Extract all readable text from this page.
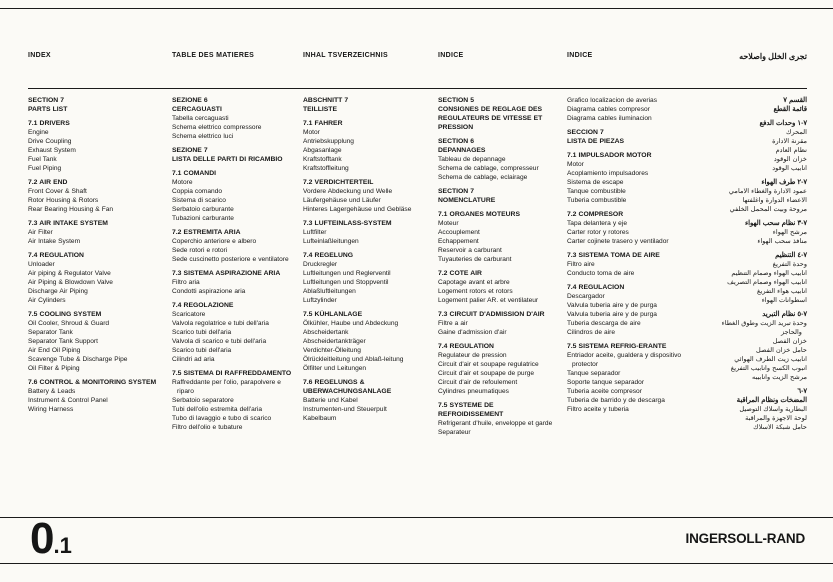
INDEX	TABLE DES MATIERES	INHAL TSVERZEICHNIS	INDICE	INDICE	تجرى الخلل واصلاحه
SECTION 7
PARTS LIST
7.1 DRIVERS
Engine
Drive Coupling
Exhaust System
Fuel Tank
Fuel Piping
7.2 AIR END
Front Cover & Shaft
Rotor Housing & Rotors
Rear Bearing Housing & Fan
7.3 AIR INTAKE SYSTEM
Air Filter
Air Intake System
7.4 REGULATION
Unloader
Air piping & Regulator Valve
Air Piping & Blowdown Valve
Discharge Air Piping
Air Cylinders
7.5 COOLING SYSTEM
Oil Cooler, Shroud & Guard
Separator Tank
Separator Tank Support
Air End Oil Piping
Scavenge Tube & Discharge Pipe
Oil Filter & Piping
7.6 CONTROL & MONITORING SYSTEM
Battery & Leads
Instrument & Control Panel
Wiring Harness
SEZIONE 6
CERCAGUASTI
Tabella cercaguasti
Schema elettrico compressore
Schema elettrico luci
SEZIONE 7
LISTA DELLE PARTI DI RICAMBIO
7.1 COMANDI
Motore
Coppia comando
Sistema di scarico
Serbatoio carburante
Tubazioni carburante
7.2 ESTREMITA ARIA
Coperchio anteriore e albero
Sede rotori e rotori
Sede cuscinetto posteriore e ventilatore
7.3 SISTEMA ASPIRAZIONE ARIA
Filtro aria
Condotti aspirazione aria
7.4 REGOLAZIONE
Scaricatore
Valvola regolatrice e tubi dell'aria
Scarico tubi dell'aria
Valvola di scarico e tubi dell'aria
Scarico tubi dell'aria
Cilindri ad aria
7.5 SISTEMA DI RAFFREDDAMENTO
Raffreddante per l'olio, parapolvere e riparo
Serbatoio separatore
Tubi dell'olio estremita dell'aria
Tubo di lavaggio e tubo di scarico
Filtro dell'olio e tubature
ABSCHNITT 7
TEILLISTE
7.1 FAHRER
Motor
Antriebskupplung
Abgasanlage
Kraftstofftank
Kraftstoffleitung
7.2 VERDICHTERTEIL
Vordere Abdeckung und Welle
Läufergehäuse und Läufer
Hinteres Lagergehäuse und Gebläse
7.3 LUFTEINLASS-SYSTEM
Luftfilter
Lufteinlaßleitungen
7.4 REGELUNG
Druckregler
Luftleitungen und Reglerventil
Luftleitungen und Stoppventil
Ablaßluftleitungen
Luftzylinder
7.5 KÜHLANLAGE
Ölkühler, Haube und Abdeckung
Abscheidertank
Abscheidertankträger
Verdichter-Ölleitung
Ölrückleitleitung und Ablaß-leitung
Ölfilter und Leitungen
7.6 REGELUNGS & UBERWACHUNGSANLAGE
Batterie und Kabel
Instrumenten-und Steuerpult
Kabelbaum
SECTION 5
CONSIGNES DE REGLAGE DES REGULATEURS DE VITESSE ET PRESSION
SECTION 6
DEPANNAGES
Tableau de depannage
Schema de cablage, compresseur
Schema de cablage, eclairage
SECTION 7
NOMENCLATURE
7.1 ORGANES MOTEURS
Moteur
Accouplement
Echappement
Reservoir a carburant
Tuyauteries de carburant
7.2 COTE AIR
Capotage avant et arbre
Logement rotors et rotors
Logement palier AR. et ventilateur
7.3 CIRCUIT D'ADMISSION D'AIR
Filtre a air
Gaine d'admission d'air
7.4 REGULATION
Regulateur de pression
Circuit d'air et soupape regulatrice
Circuit d'air et soupape de purge
Circuit d'air de refoulement
Cylindres pneumatiques
7.5 SYSTEME DE REFROIDISSEMENT
Refrigerant d'huile, enveloppe et garde
Separateur
Grafico localizacion de averias
Diagrama cables compresor
Diagrama cables iluminacion
SECCION 7
LISTA DE PIEZAS
7.1 IMPULSADOR MOTOR
Motor
Acoplamiento impulsadores
Sistema de escape
Tanque combustible
Tuberia combustible
7.2 COMPRESOR
Tapa delantera y eje
Carter rotor y rotores
Carter cojinete trasero y ventilador
7.3 SISTEMA TOMA DE AIRE
Filtro aire
Conducto toma de aire
7.4 REGULACION
Descargador
Valvula tuberia aire y de purga
Valvula tuberia aire y de purga
Tuberia descarga de aire
Cilindros de aire
7.5 SISTEMA REFRIG-ERANTE
Entriador aceite, gualdera y dispositivo protector
Tanque separador
Soporte tanque separador
Tuberia aceite compresor
Tuberia de barrido y de descarga
Filtro aceite y tuberia
القسم ٧
قائمة القطع
٧-١ وحدات الدفع
المحرك
مقرنة الادارة
نظام العادم
خزان الوقود
انابيب الوقود
٧-٢ طرف الهواء
عمود الادارة والغطاء الامامي
الاعضاء الدوارة واغلفتها
مروحة وبيت المحمل الخلفي
٧-٣ نظام سحب الهواء
مرشح الهواء
منافذ سحب الهواء
٧-٤ التنظيم
وحدة التفريغ
انابيب الهواء وصمام التنظيم
انابيب الهواء وصمام التصريف
انابيب هواء التفريغ
اسطوانات الهواء
٧-٥ نظام التبريد
وحدة تبريد الزيت وطوق الغطاء والحاجز
خزان الفصل
حامل خزان الفصل
انابيب زيت الطرف الهوائي
انبوب الكسح وانابيب التفريغ
مرشح الزيت وانابيبه
٧-٦
المضخات ونظام المراقبة
البطارية واسلاك التوصيل
لوحة الاجهزة والمراقبة
حامل شبكة الاسلاك
0 .1	INGERSOLL-RAND
